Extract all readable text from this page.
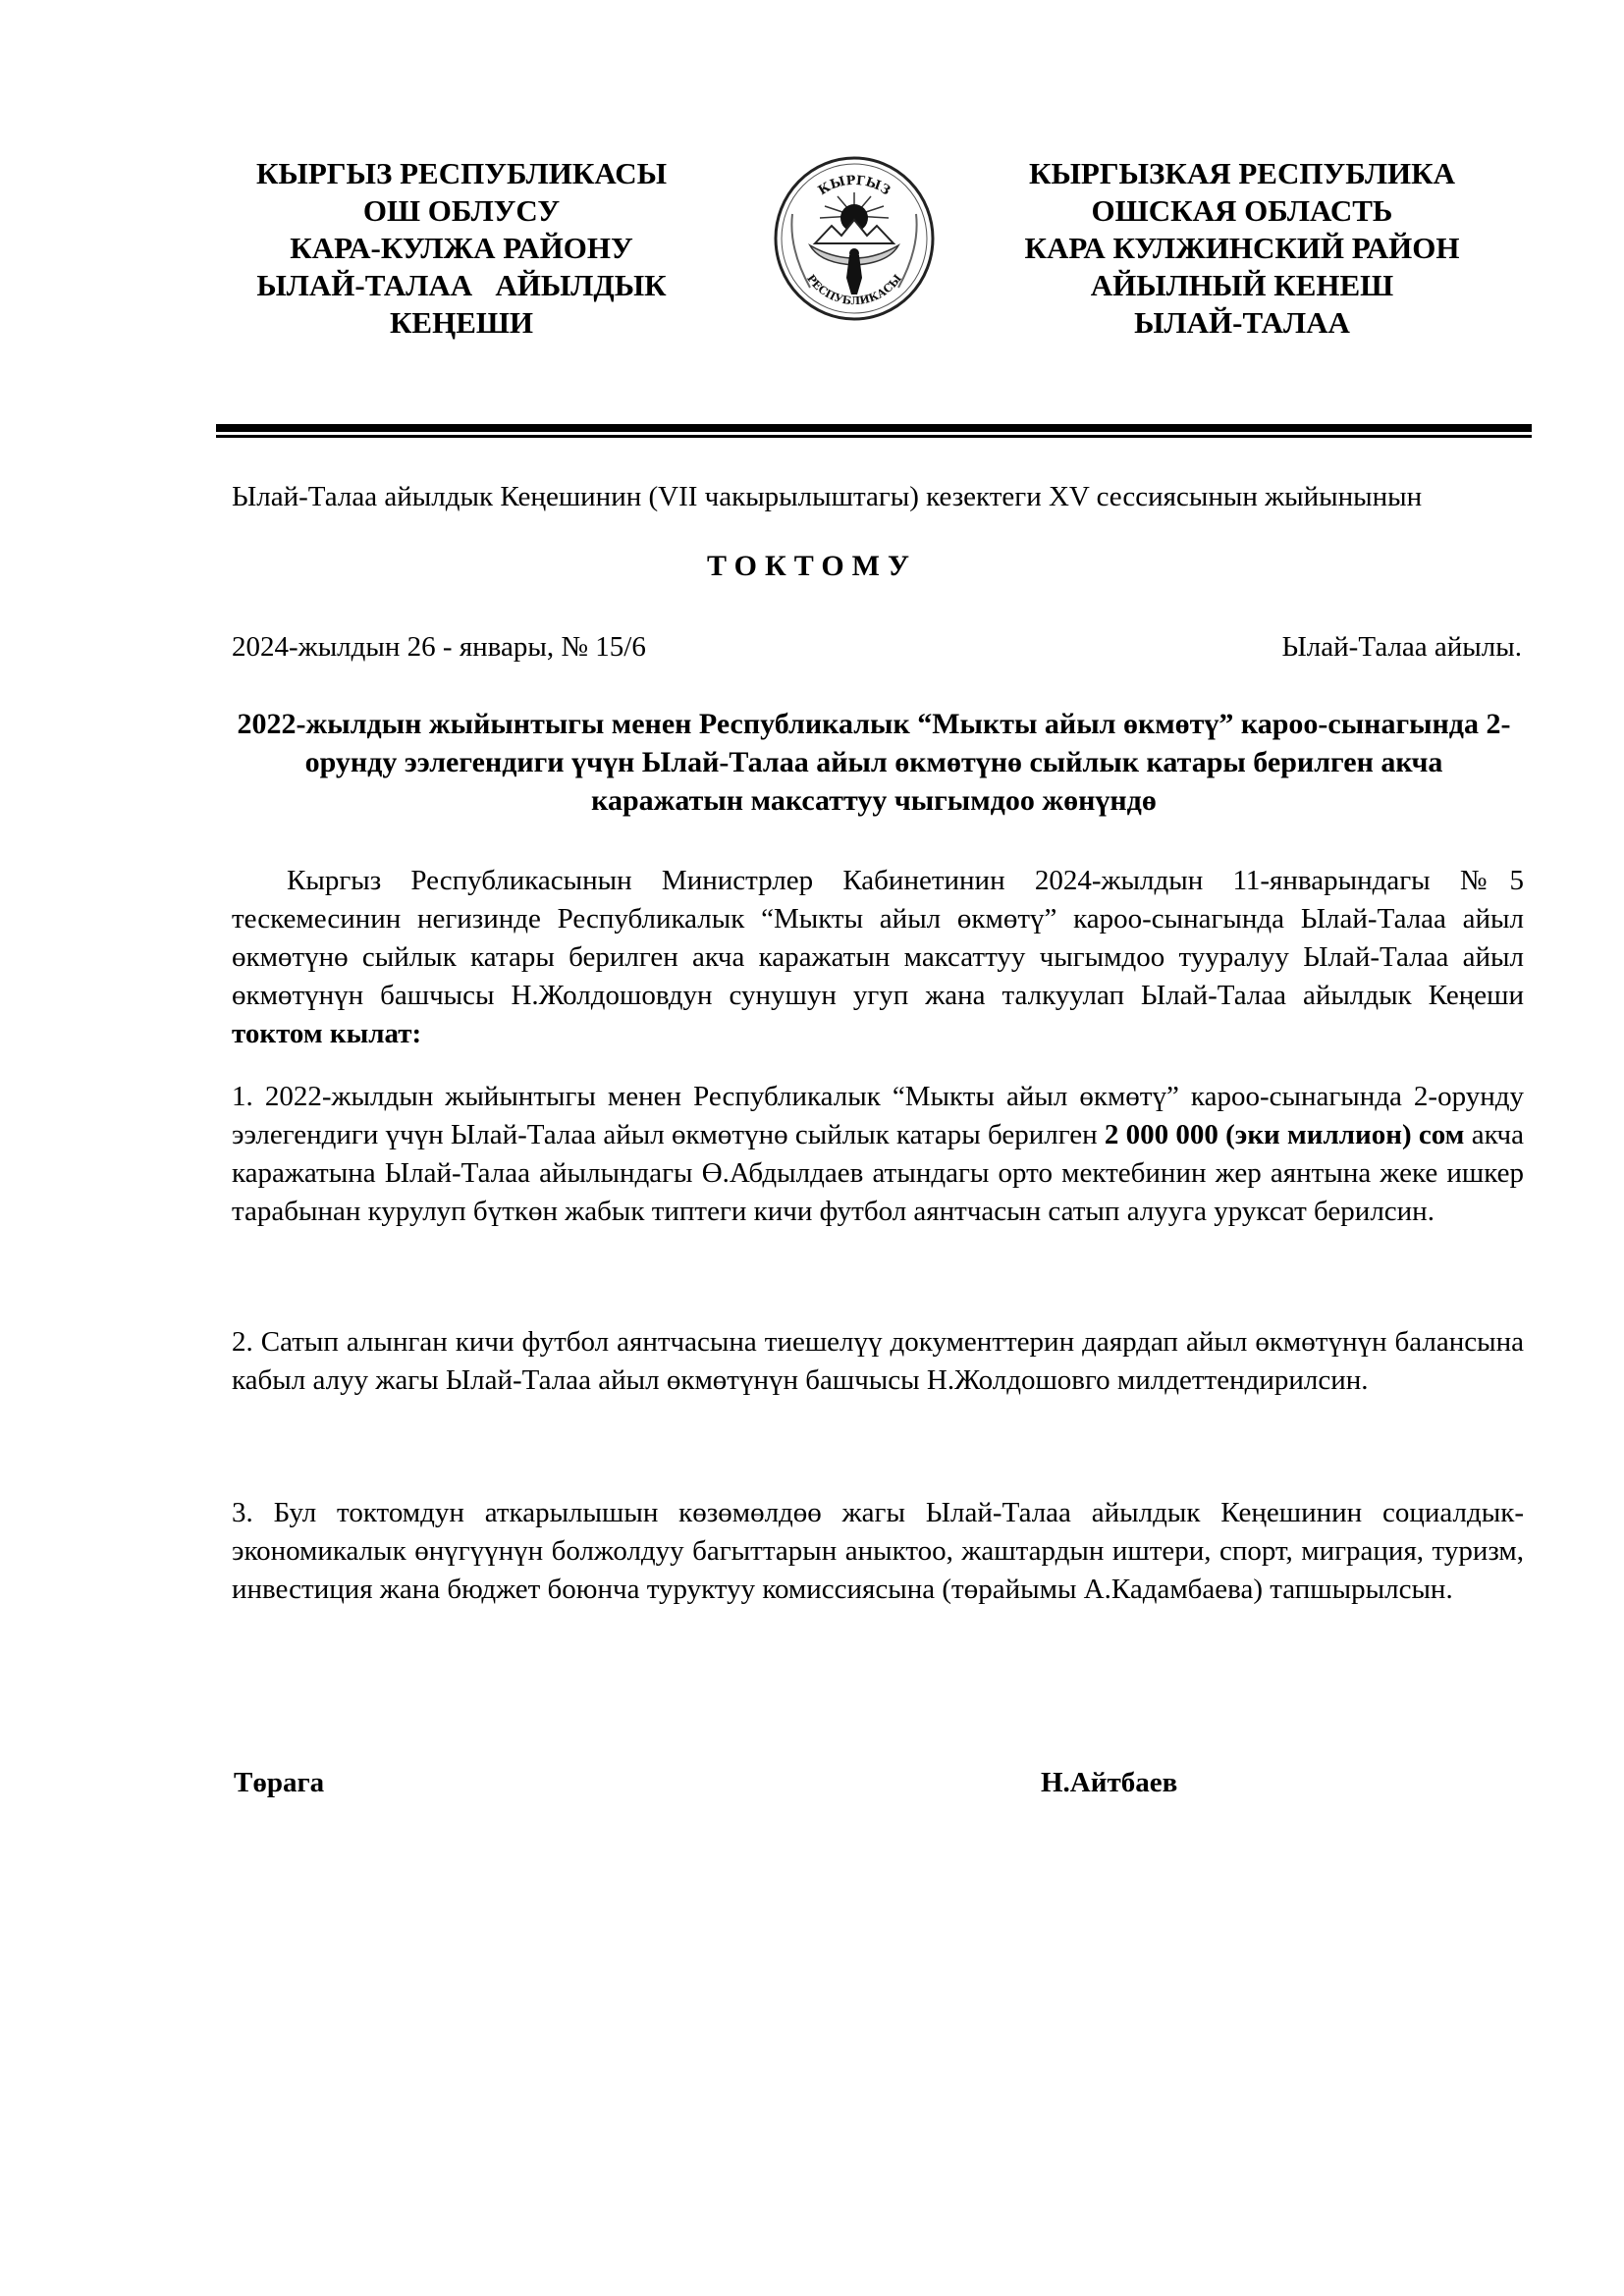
КЫРГЫЗ РЕСПУБЛИКАСЫ
ОШ ОБЛУСУ
КАРА-КУЛЖА РАЙОНУ
ЫЛАЙ-ТАЛАА   АЙЫЛДЫК
КЕҢЕШИ
КЫРГЫЗ
РЕСПУБЛИКАСЫ
КЫРГЫЗКАЯ РЕСПУБЛИКА
ОШСКАЯ ОБЛАСТЬ
КАРА КУЛЖИНСКИЙ РАЙОН
АЙЫЛНЫЙ КЕНЕШ
ЫЛАЙ-ТАЛАА
Ылай-Талаа айылдык Кеңешинин (VII чакырылыштагы) кезектеги XV сессиясынын жыйынынын
ТОКТОМУ
2024-жылдын 26 - январы, № 15/6	Ылай-Талаа айылы.
2022-жылдын жыйынтыгы менен Республикалык “Мыкты айыл өкмөтү” кароо-сынагында 2-орунду ээлегендиги үчүн Ылай-Талаа айыл өкмөтүнө сыйлык катары берилген акча каражатын максаттуу чыгымдоо жөнүндө
Кыргыз Республикасынын Министрлер Кабинетинин 2024-жылдын 11-январындагы №5 тескемесинин негизинде Республикалык “Мыкты айыл өкмөтү” кароо-сынагында Ылай-Талаа айыл өкмөтүнө сыйлык катары берилген акча каражатын максаттуу чыгымдоо тууралуу Ылай-Талаа айыл өкмөтүнүн башчысы Н.Жолдошовдун сунушун угуп жана талкуулап Ылай-Талаа айылдык Кеңеши токтом кылат:
1. 2022-жылдын жыйынтыгы менен Республикалык “Мыкты айыл өкмөтү” кароо-сынагында 2-орунду ээлегендиги үчүн Ылай-Талаа айыл өкмөтүнө сыйлык катары берилген 2 000 000 (эки миллион) сом акча каражатына Ылай-Талаа айылындагы Ө.Абдылдаев атындагы орто мектебинин жер аянтына жеке ишкер тарабынан курулуп бүткөн жабык типтеги кичи футбол аянтчасын сатып алууга уруксат берилсин.
2. Сатып алынган кичи футбол аянтчасына тиешелүү документтерин даярдап айыл өкмөтүнүн балансына кабыл алуу жагы Ылай-Талаа айыл өкмөтүнүн башчысы Н.Жолдошовго милдеттендирилсин.
3. Бул токтомдун аткарылышын көзөмөлдөө жагы Ылай-Талаа айылдык Кеңешинин социалдык-экономикалык өнүгүүнүн болжолдуу багыттарын аныктоо, жаштардын иштери, спорт, миграция, туризм, инвестиция жана бюджет боюнча туруктуу комиссиясына (төрайымы А.Кадамбаева) тапшырылсын.
Төрага	Н.Айтбаев
